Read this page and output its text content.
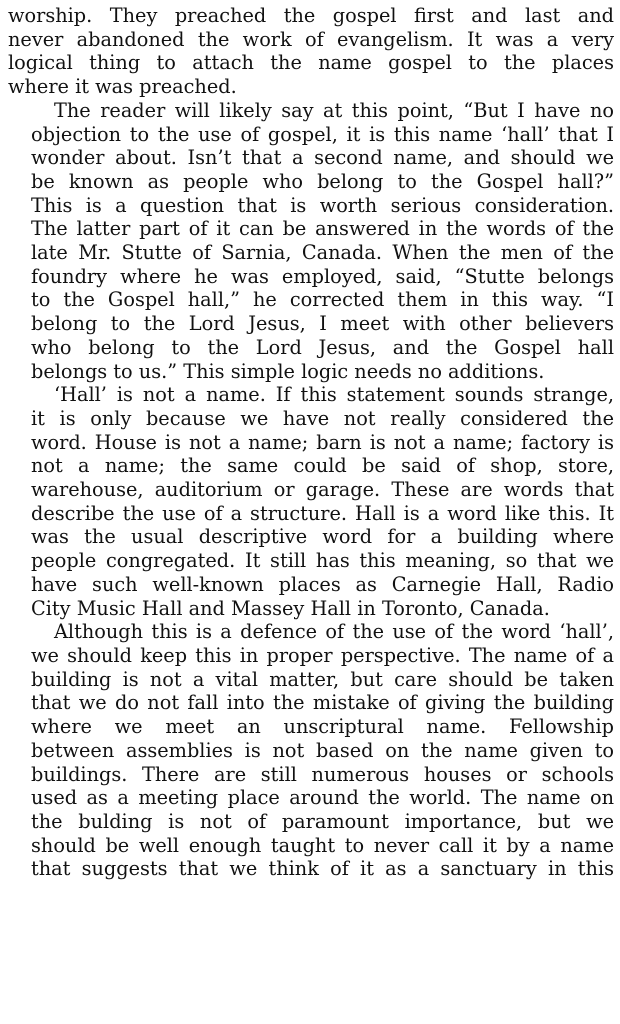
worship. They preached the gospel first and last and
never abandoned the work of evangelism. It was a very
logical thing to attach the name gospel to the places
where it was preached.
The reader will likely say at this point, “But I have no
objection to the use of gospel, it is this name ‘hall’ that I
wonder about. Isn’t that a second name, and should we
be known as people who belong to the Gospel hall?”
This is a question that is worth serious consideration.
The latter part of it can be answered in the words of the
late Mr. Stutte of Sarnia, Canada. When the men of the
foundry where he was employed, said, “Stutte belongs
to the Gospel hall,” he corrected them in this way. “I
belong to the Lord Jesus, I meet with other believers
who belong to the Lord Jesus, and the Gospel hall
belongs to us.” This simple logic needs no additions.
‘Hall’ is not a name. If this statement sounds strange,
it is only because we have not really considered the
word. House is not a name; barn is not a name; factory is
not a name; the same could be said of shop, store,
warehouse, auditorium or garage. These are words that
describe the use of a structure. Hall is a word like this. It
was the usual descriptive word for a building where
people congregated. It still has this meaning, so that we
have such well-known places as Carnegie Hall, Radio
City Music Hall and Massey Hall in Toronto, Canada.
Although this is a defence of the use of the word ‘hall’,
we should keep this in proper perspective. The name of a
building is not a vital matter, but care should be taken
that we do not fall into the mistake of giving the building
where we meet an unscriptural name. Fellowship
between assemblies is not based on the name given to
buildings. There are still numerous houses or schools
used as a meeting place around the world. The name on
the bulding is not of paramount importance, but we
should be well enough taught to never call it by a name
that suggests that we think of it as a sanctuary in this
